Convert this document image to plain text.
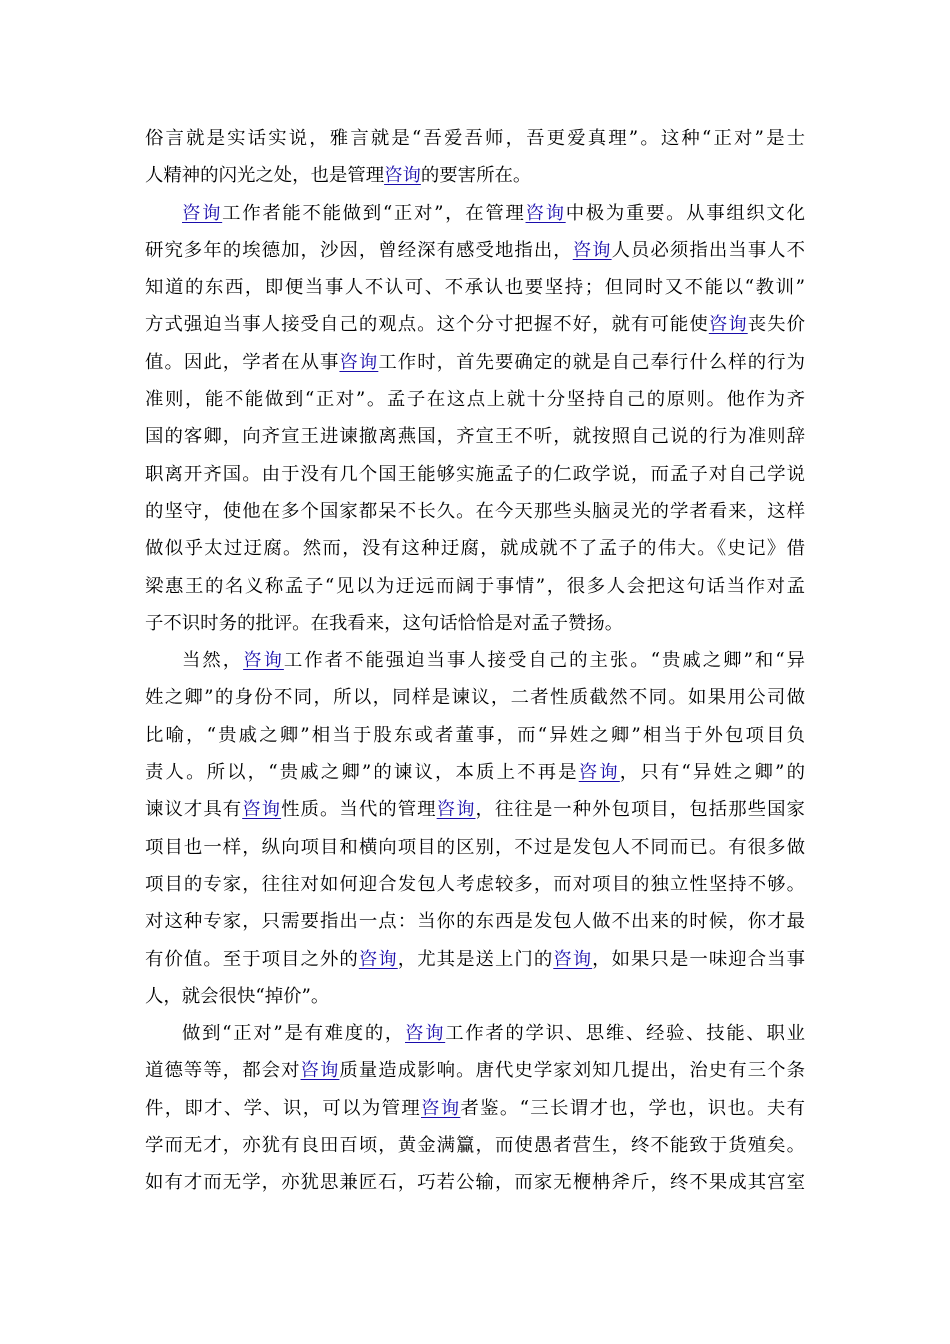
俗言就是实话实说，雅言就是“吾爱吾师，吾更爱真理”。这种“正对”是士
人精神的闪光之处，也是管理咨询的要害所在。
咨询工作者能不能做到“正对”，在管理咨询中极为重要。从事组织文化
研究多年的埃德加，沙因，曾经深有感受地指出，咨询人员必须指出当事人不
知道的东西，即便当事人不认可、不承认也要坚持；但同时又不能以“教训”
方式强迫当事人接受自己的观点。这个分寸把握不好，就有可能使咨询丧失价
值。因此，学者在从事咨询工作时，首先要确定的就是自己奉行什么样的行为
准则，能不能做到“正对”。孟子在这点上就十分坚持自己的原则。他作为齐
国的客卿，向齐宣王进谏撤离燕国，齐宣王不听，就按照自己说的行为准则辞
职离开齐国。由于没有几个国王能够实施孟子的仁政学说，而孟子对自己学说
的坚守，使他在多个国家都呆不长久。在今天那些头脑灵光的学者看来，这样
做似乎太过迂腐。然而，没有这种迂腐，就成就不了孟子的伟大。《史记》借
梁惠王的名义称孟子“见以为迂远而阔于事情”，很多人会把这句话当作对孟
子不识时务的批评。在我看来，这句话恰恰是对孟子赞扬。
当然，咨询工作者不能强迫当事人接受自己的主张。“贵戚之卿”和“异
姓之卿”的身份不同，所以，同样是谏议，二者性质截然不同。如果用公司做
比喻，“贵戚之卿”相当于股东或者董事，而“异姓之卿”相当于外包项目负
责人。所以，“贵戚之卿”的谏议，本质上不再是咨询，只有“异姓之卿”的
谏议才具有咨询性质。当代的管理咨询，往往是一种外包项目，包括那些国家
项目也一样，纵向项目和横向项目的区别，不过是发包人不同而已。有很多做
项目的专家，往往对如何迎合发包人考虑较多，而对项目的独立性坚持不够。
对这种专家，只需要指出一点：当你的东西是发包人做不出来的时候，你才最
有价值。至于项目之外的咨询，尤其是送上门的咨询，如果只是一味迎合当事
人，就会很快“掉价”。
做到“正对”是有难度的，咨询工作者的学识、思维、经验、技能、职业
道德等等，都会对咨询质量造成影响。唐代史学家刘知几提出，治史有三个条
件，即才、学、识，可以为管理咨询者鉴。“三长谓才也，学也，识也。夫有
学而无才，亦犹有良田百顷，黄金满籯，而使愚者营生，终不能致于货殖矣。
如有才而无学，亦犹思兼匠石，巧若公输，而家无楩柟斧斤，终不果成其宫室
